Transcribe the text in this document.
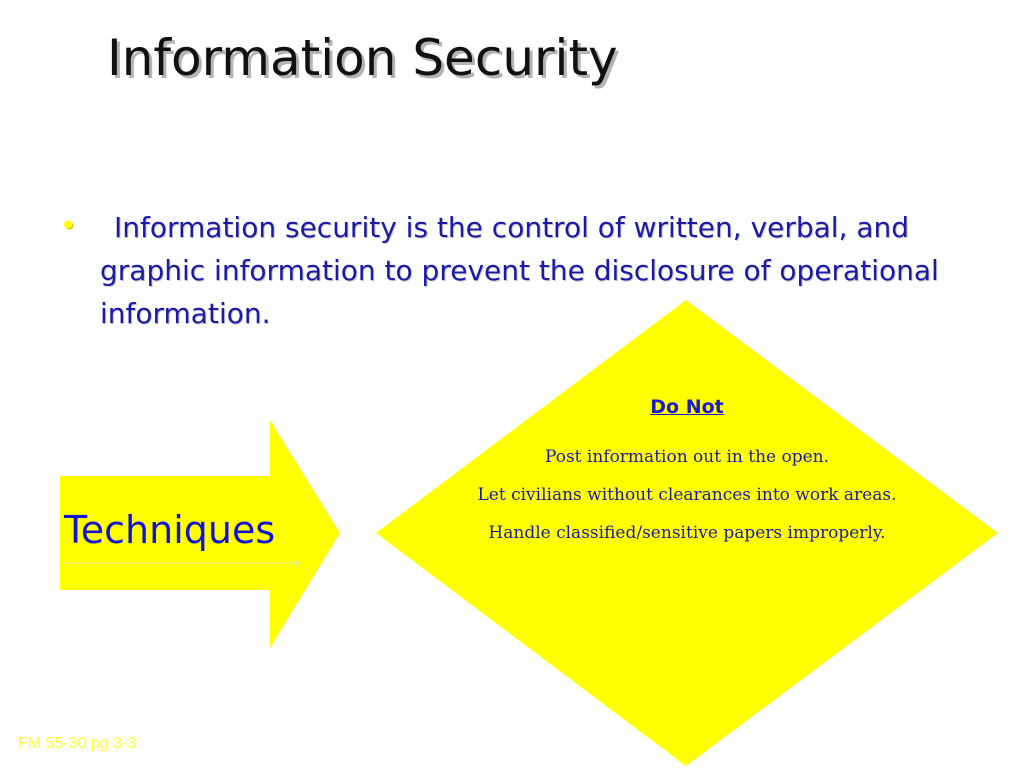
Information Security
•	Information security is the control of written, verbal, and graphic information to prevent the disclosure of operational information.
Techniques
Do Not
Post information out in the open.
Let civilians without clearances into work areas.
Handle classified/sensitive papers improperly.
FM 55-30 pg 3-3
